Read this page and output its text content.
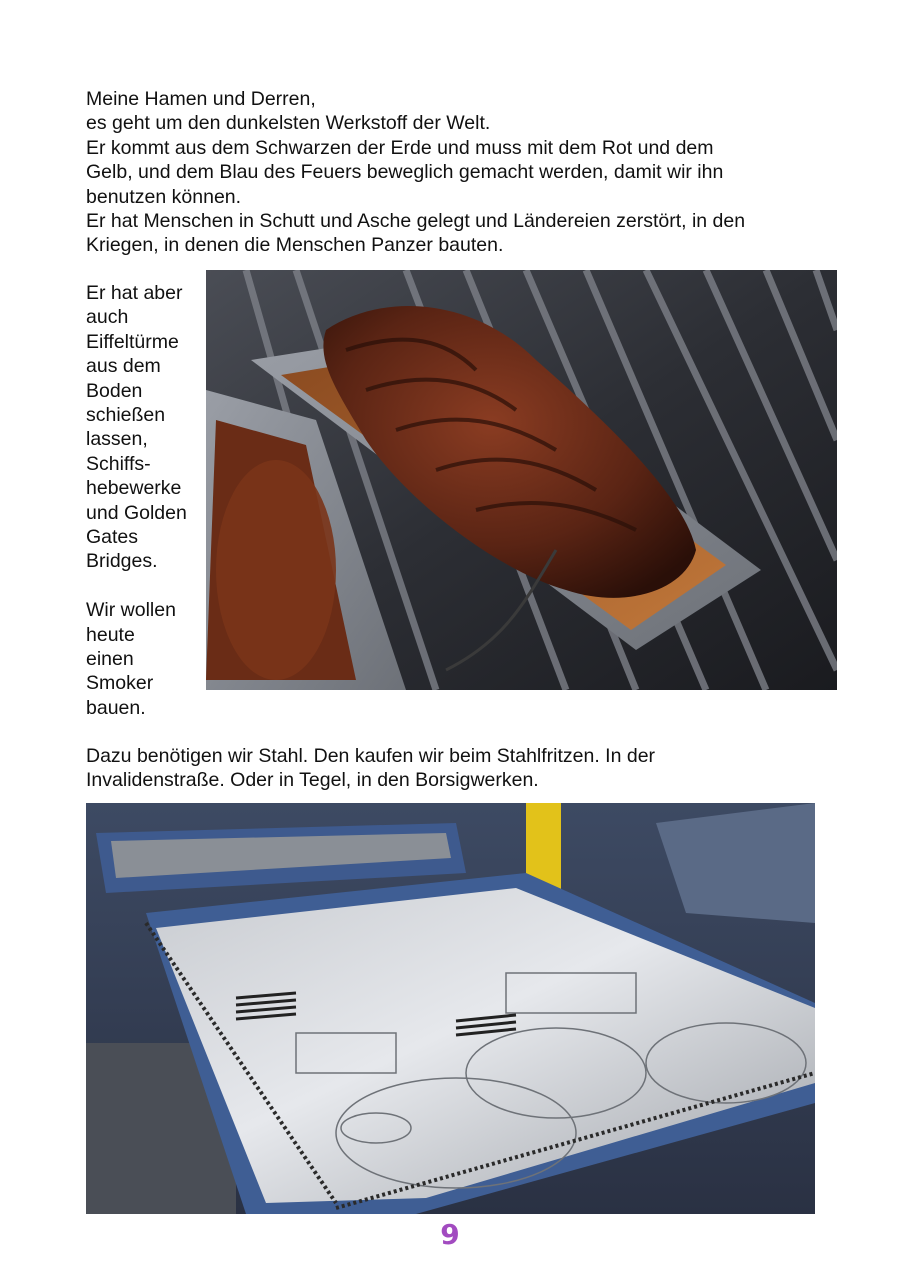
Meine Hamen und Derren,
es geht um den dunkelsten Werkstoff der Welt.
Er kommt aus dem Schwarzen der Erde und muss mit dem Rot und dem
Gelb, und dem Blau des Feuers beweglich gemacht werden, damit wir ihn
benutzen können.
Er hat Menschen in Schutt und Asche gelegt und Ländereien zerstört, in den
Kriegen, in denen die Menschen Panzer bauten.
Er hat aber
auch
Eiffeltürme
aus dem
Boden
schießen
lassen,
Schiffs-
hebewerke
und Golden
Gates
Bridges.
Wir wollen
heute
einen
Smoker
bauen.
Dazu benötigen wir Stahl. Den kaufen wir beim Stahlfritzen. In der
Invalidenstraße. Oder in Tegel, in den Borsigwerken.
9
